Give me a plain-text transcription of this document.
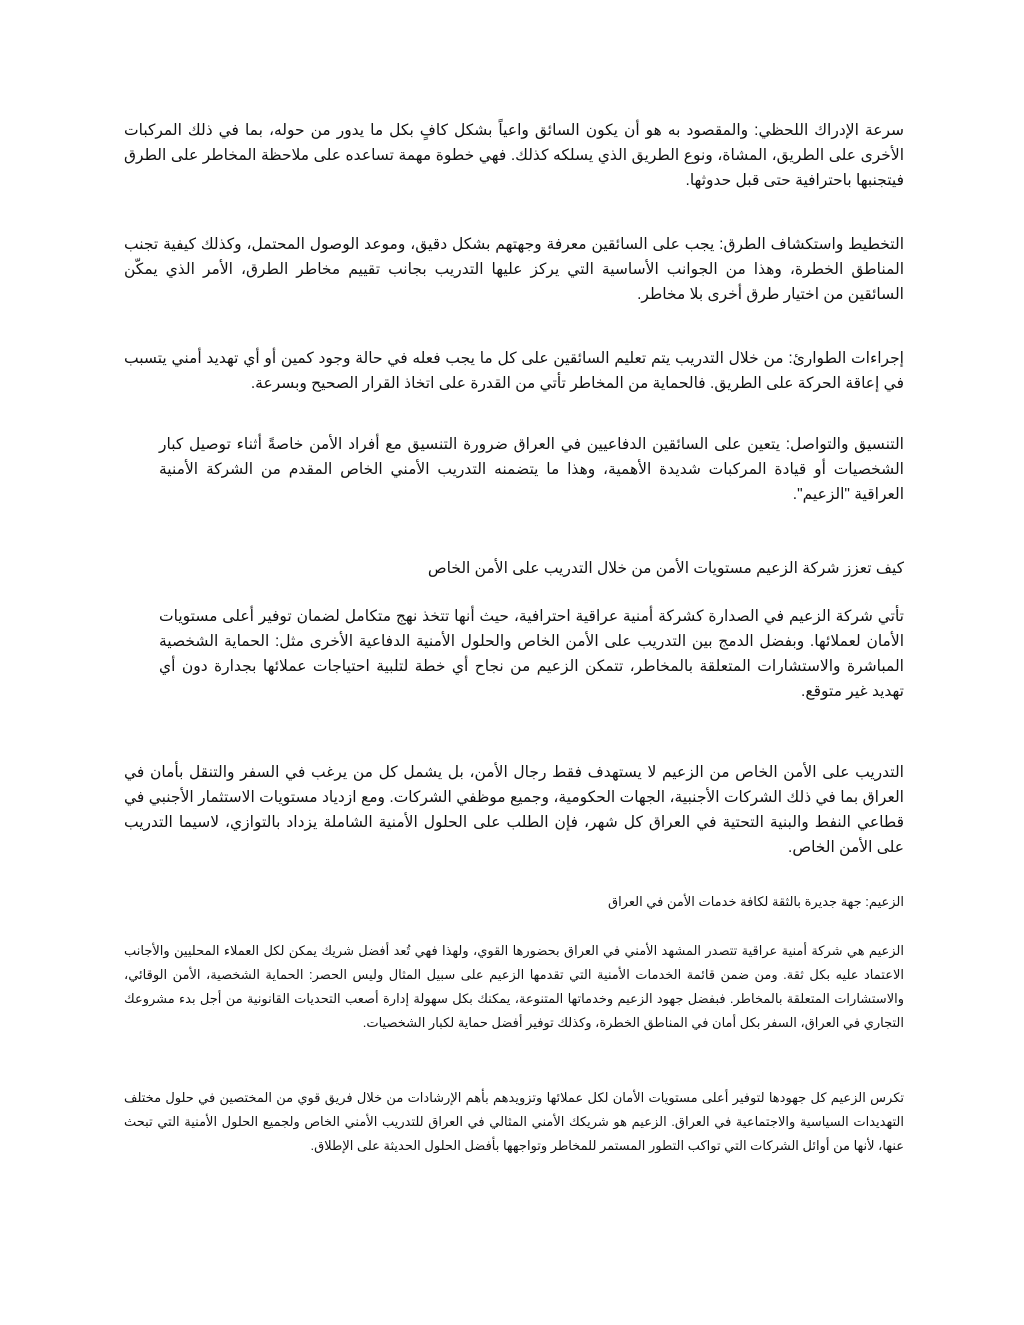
سرعة الإدراك اللحظي: والمقصود به هو أن يكون السائق واعياً بشكل كافٍ بكل ما يدور من حوله، بما في ذلك المركبات الأخرى على الطريق، المشاة، ونوع الطريق الذي يسلكه كذلك. فهي خطوة مهمة تساعده على ملاحظة المخاطر على الطرق فيتجنبها باحترافية حتى قبل حدوثها.

التخطيط واستكشاف الطرق: يجب على السائقين معرفة وجهتهم بشكل دقيق، وموعد الوصول المحتمل، وكذلك كيفية تجنب المناطق الخطرة، وهذا من الجوانب الأساسية التي يركز عليها التدريب بجانب تقييم مخاطر الطرق، الأمر الذي يمكّن السائقين من اختيار طرق أخرى بلا مخاطر.

إجراءات الطوارئ: من خلال التدريب يتم تعليم السائقين على كل ما يجب فعله في حالة وجود كمين أو أي تهديد أمني يتسبب في إعاقة الحركة على الطريق. فالحماية من المخاطر تأتي من القدرة على اتخاذ القرار الصحيح وبسرعة.

التنسيق والتواصل: يتعين على السائقين الدفاعيين في العراق ضرورة التنسيق مع أفراد الأمن خاصةً أثناء توصيل كبار الشخصيات أو قيادة المركبات شديدة الأهمية، وهذا ما يتضمنه التدريب الأمني الخاص المقدم من الشركة الأمنية العراقية "الزعيم".

كيف تعزز شركة الزعيم مستويات الأمن من خلال التدريب على الأمن الخاص

تأتي شركة الزعيم في الصدارة كشركة أمنية عراقية احترافية، حيث أنها تتخذ نهج متكامل لضمان توفير أعلى مستويات الأمان لعملائها. وبفضل الدمج بين التدريب على الأمن الخاص والحلول الأمنية الدفاعية الأخرى مثل: الحماية الشخصية المباشرة والاستشارات المتعلقة بالمخاطر، تتمكن الزعيم من نجاح أي خطة لتلبية احتياجات عملائها بجدارة دون أي تهديد غير متوقع.

التدريب على الأمن الخاص من الزعيم لا يستهدف فقط رجال الأمن، بل يشمل كل من يرغب في السفر والتنقل بأمان في العراق بما في ذلك الشركات الأجنبية، الجهات الحكومية، وجميع موظفي الشركات. ومع ازدياد مستويات الاستثمار الأجنبي في قطاعي النفط والبنية التحتية في العراق كل شهر، فإن الطلب على الحلول الأمنية الشاملة يزداد بالتوازي، لاسيما التدريب على الأمن الخاص.

الزعيم: جهة جديرة بالثقة لكافة خدمات الأمن في العراق

الزعيم هي شركة أمنية عراقية تتصدر المشهد الأمني في العراق بحضورها القوي، ولهذا فهي تُعد أفضل شريك يمكن لكل العملاء المحليين والأجانب الاعتماد عليه بكل ثقة. ومن ضمن قائمة الخدمات الأمنية التي تقدمها الزعيم على سبيل المثال وليس الحصر: الحماية الشخصية، الأمن الوقائي، والاستشارات المتعلقة بالمخاطر. فبفضل جهود الزعيم وخدماتها المتنوعة، يمكنك بكل سهولة إدارة أصعب التحديات القانونية من أجل بدء مشروعك التجاري في العراق، السفر بكل أمان في المناطق الخطرة، وكذلك توفير أفضل حماية لكبار الشخصيات.

تكرس الزعيم كل جهودها لتوفير أعلى مستويات الأمان لكل عملائها وتزويدهم بأهم الإرشادات من خلال فريق قوي من المختصين في حلول مختلف التهديدات السياسية والاجتماعية في العراق. الزعيم هو شريكك الأمني المثالي في العراق للتدريب الأمني الخاص ولجميع الحلول الأمنية التي تبحث عنها، لأنها من أوائل الشركات التي تواكب التطور المستمر للمخاطر وتواجهها بأفضل الحلول الحديثة على الإطلاق.
